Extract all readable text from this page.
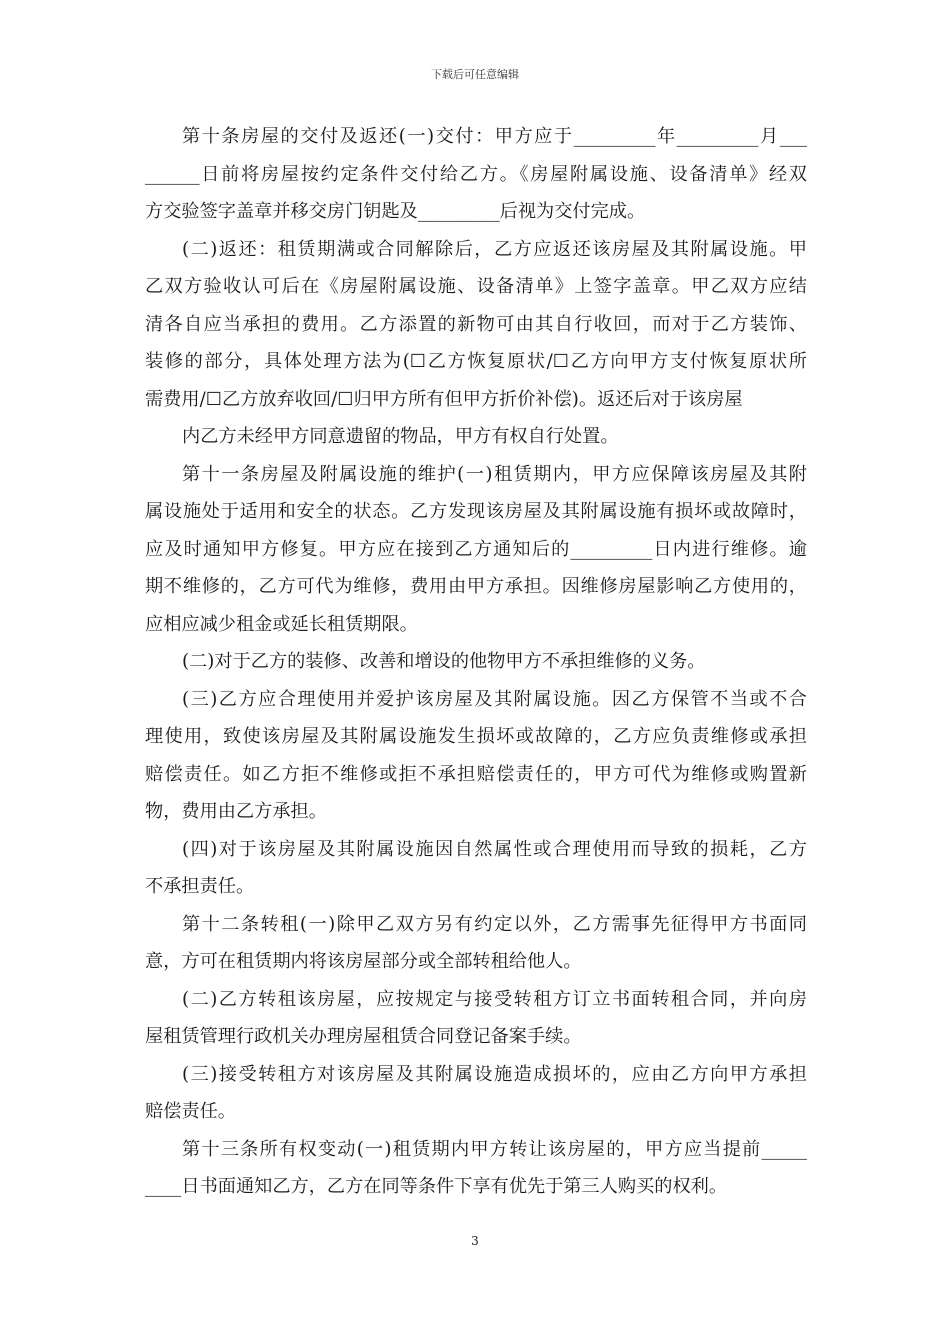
下载后可任意编辑
第十条房屋的交付及返还(一)交付：甲方应于_________年_________月___
______日前将房屋按约定条件交付给乙方。《房屋附属设施、设备清单》经双
方交验签字盖章并移交房门钥匙及_________后视为交付完成。
(二)返还：租赁期满或合同解除后，乙方应返还该房屋及其附属设施。甲
乙双方验收认可后在《房屋附属设施、设备清单》上签字盖章。甲乙双方应结
清各自应当承担的费用。乙方添置的新物可由其自行收回，而对于乙方装饰、
装修的部分，具体处理方法为(☐乙方恢复原状/☐乙方向甲方支付恢复原状所
需费用/☐乙方放弃收回/☐归甲方所有但甲方折价补偿)。返还后对于该房屋
内乙方未经甲方同意遗留的物品，甲方有权自行处置。
第十一条房屋及附属设施的维护(一)租赁期内，甲方应保障该房屋及其附
属设施处于适用和安全的状态。乙方发现该房屋及其附属设施有损坏或故障时，
应及时通知甲方修复。甲方应在接到乙方通知后的_________日内进行维修。逾
期不维修的，乙方可代为维修，费用由甲方承担。因维修房屋影响乙方使用的，
应相应减少租金或延长租赁期限。
(二)对于乙方的装修、改善和增设的他物甲方不承担维修的义务。
(三)乙方应合理使用并爱护该房屋及其附属设施。因乙方保管不当或不合
理使用，致使该房屋及其附属设施发生损坏或故障的，乙方应负责维修或承担
赔偿责任。如乙方拒不维修或拒不承担赔偿责任的，甲方可代为维修或购置新
物，费用由乙方承担。
(四)对于该房屋及其附属设施因自然属性或合理使用而导致的损耗，乙方
不承担责任。
第十二条转租(一)除甲乙双方另有约定以外，乙方需事先征得甲方书面同
意，方可在租赁期内将该房屋部分或全部转租给他人。
(二)乙方转租该房屋，应按规定与接受转租方订立书面转租合同，并向房
屋租赁管理行政机关办理房屋租赁合同登记备案手续。
(三)接受转租方对该房屋及其附属设施造成损坏的，应由乙方向甲方承担
赔偿责任。
第十三条所有权变动(一)租赁期内甲方转让该房屋的，甲方应当提前_____
____日书面通知乙方，乙方在同等条件下享有优先于第三人购买的权利。
3
